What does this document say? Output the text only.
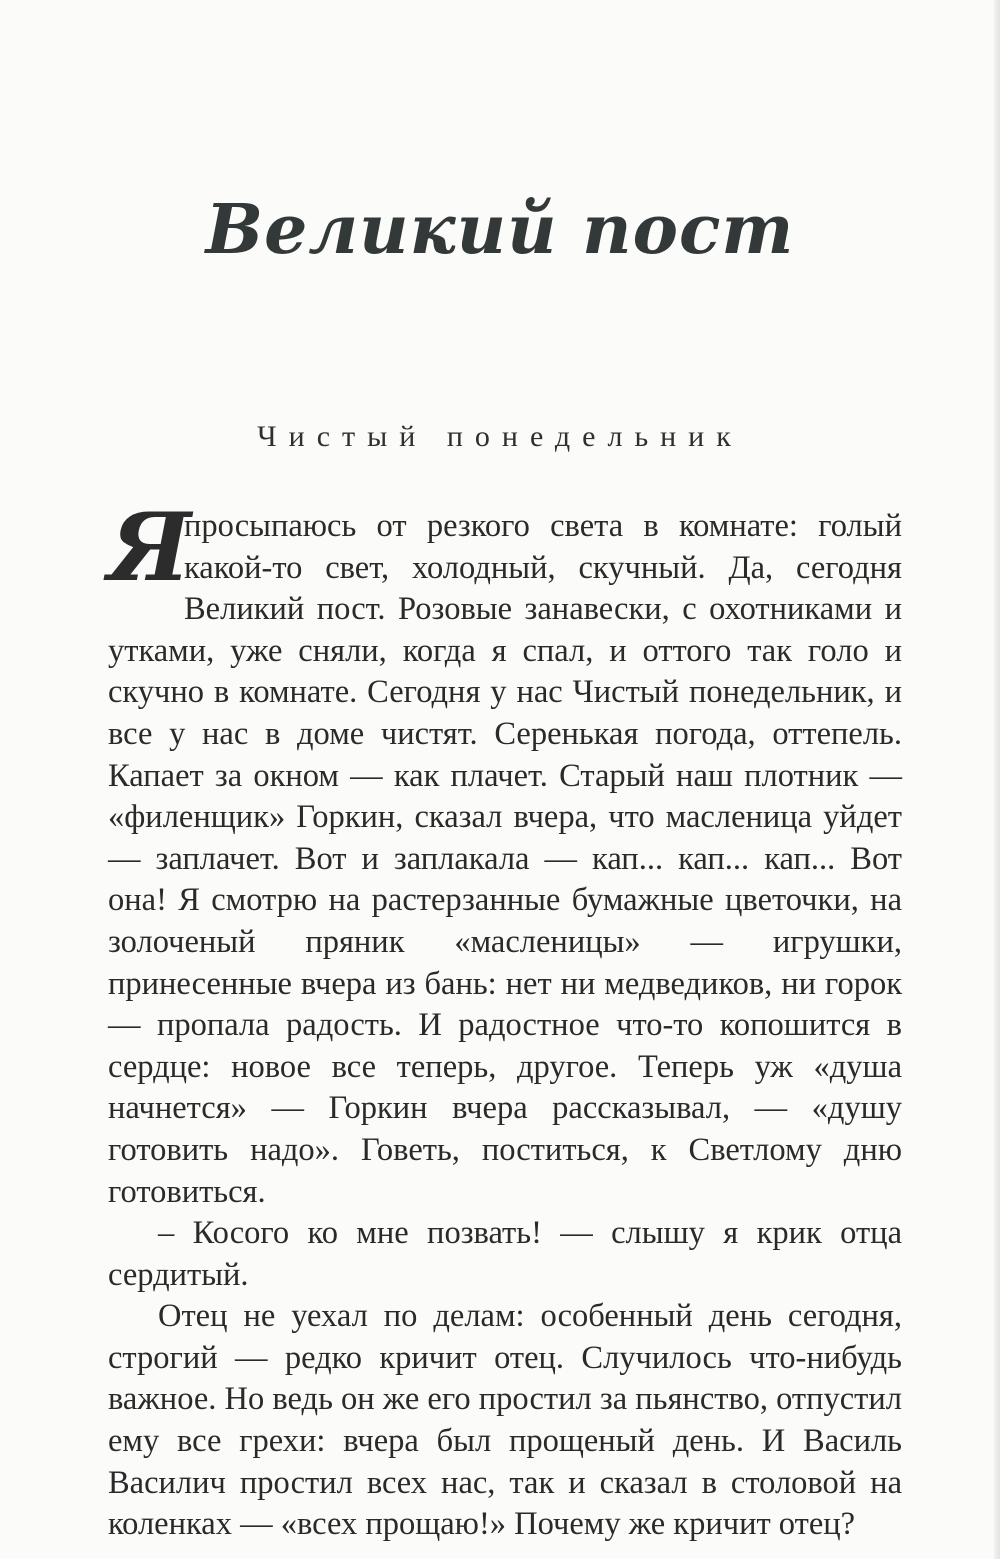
Великий пост
Чистый понедельник

Я
просыпаюсь от резкого света в комнате: голый какой-то свет, холодный, скучный. Да, сегодня Великий пост. Розовые занавески, с охотниками и утками, уже сняли, когда я спал, и оттого так голо и скучно в комнате. Сегодня у нас Чистый понедельник, и все у нас в доме чистят. Серенькая погода, оттепель. Капает за окном — как плачет. Старый наш плотник — «филенщик» Горкин, сказал вчера, что масленица уйдет — заплачет. Вот и заплакала — кап... кап... кап... Вот она! Я смотрю на растерзанные бумажные цветочки, на золоченый пряник «масленицы» — игрушки, принесенные вчера из бань: нет ни медведиков, ни горок — пропала радость. И радостное что-то копошится в сердце: новое все теперь, другое. Теперь уж «душа начнется» — Горкин вчера рассказывал, — «душу готовить надо». Говеть, поститься, к Светлому дню готовиться.

– Косого ко мне позвать! — слышу я крик отца сердитый.

Отец не уехал по делам: особенный день сегодня, строгий — редко кричит отец. Случилось что-нибудь важное. Но ведь он же его простил за пьянство, отпустил ему все грехи: вчера был прощеный день. И Василь Василич простил всех нас, так и сказал в столовой на коленках — «всех прощаю!» Почему же кричит отец?
